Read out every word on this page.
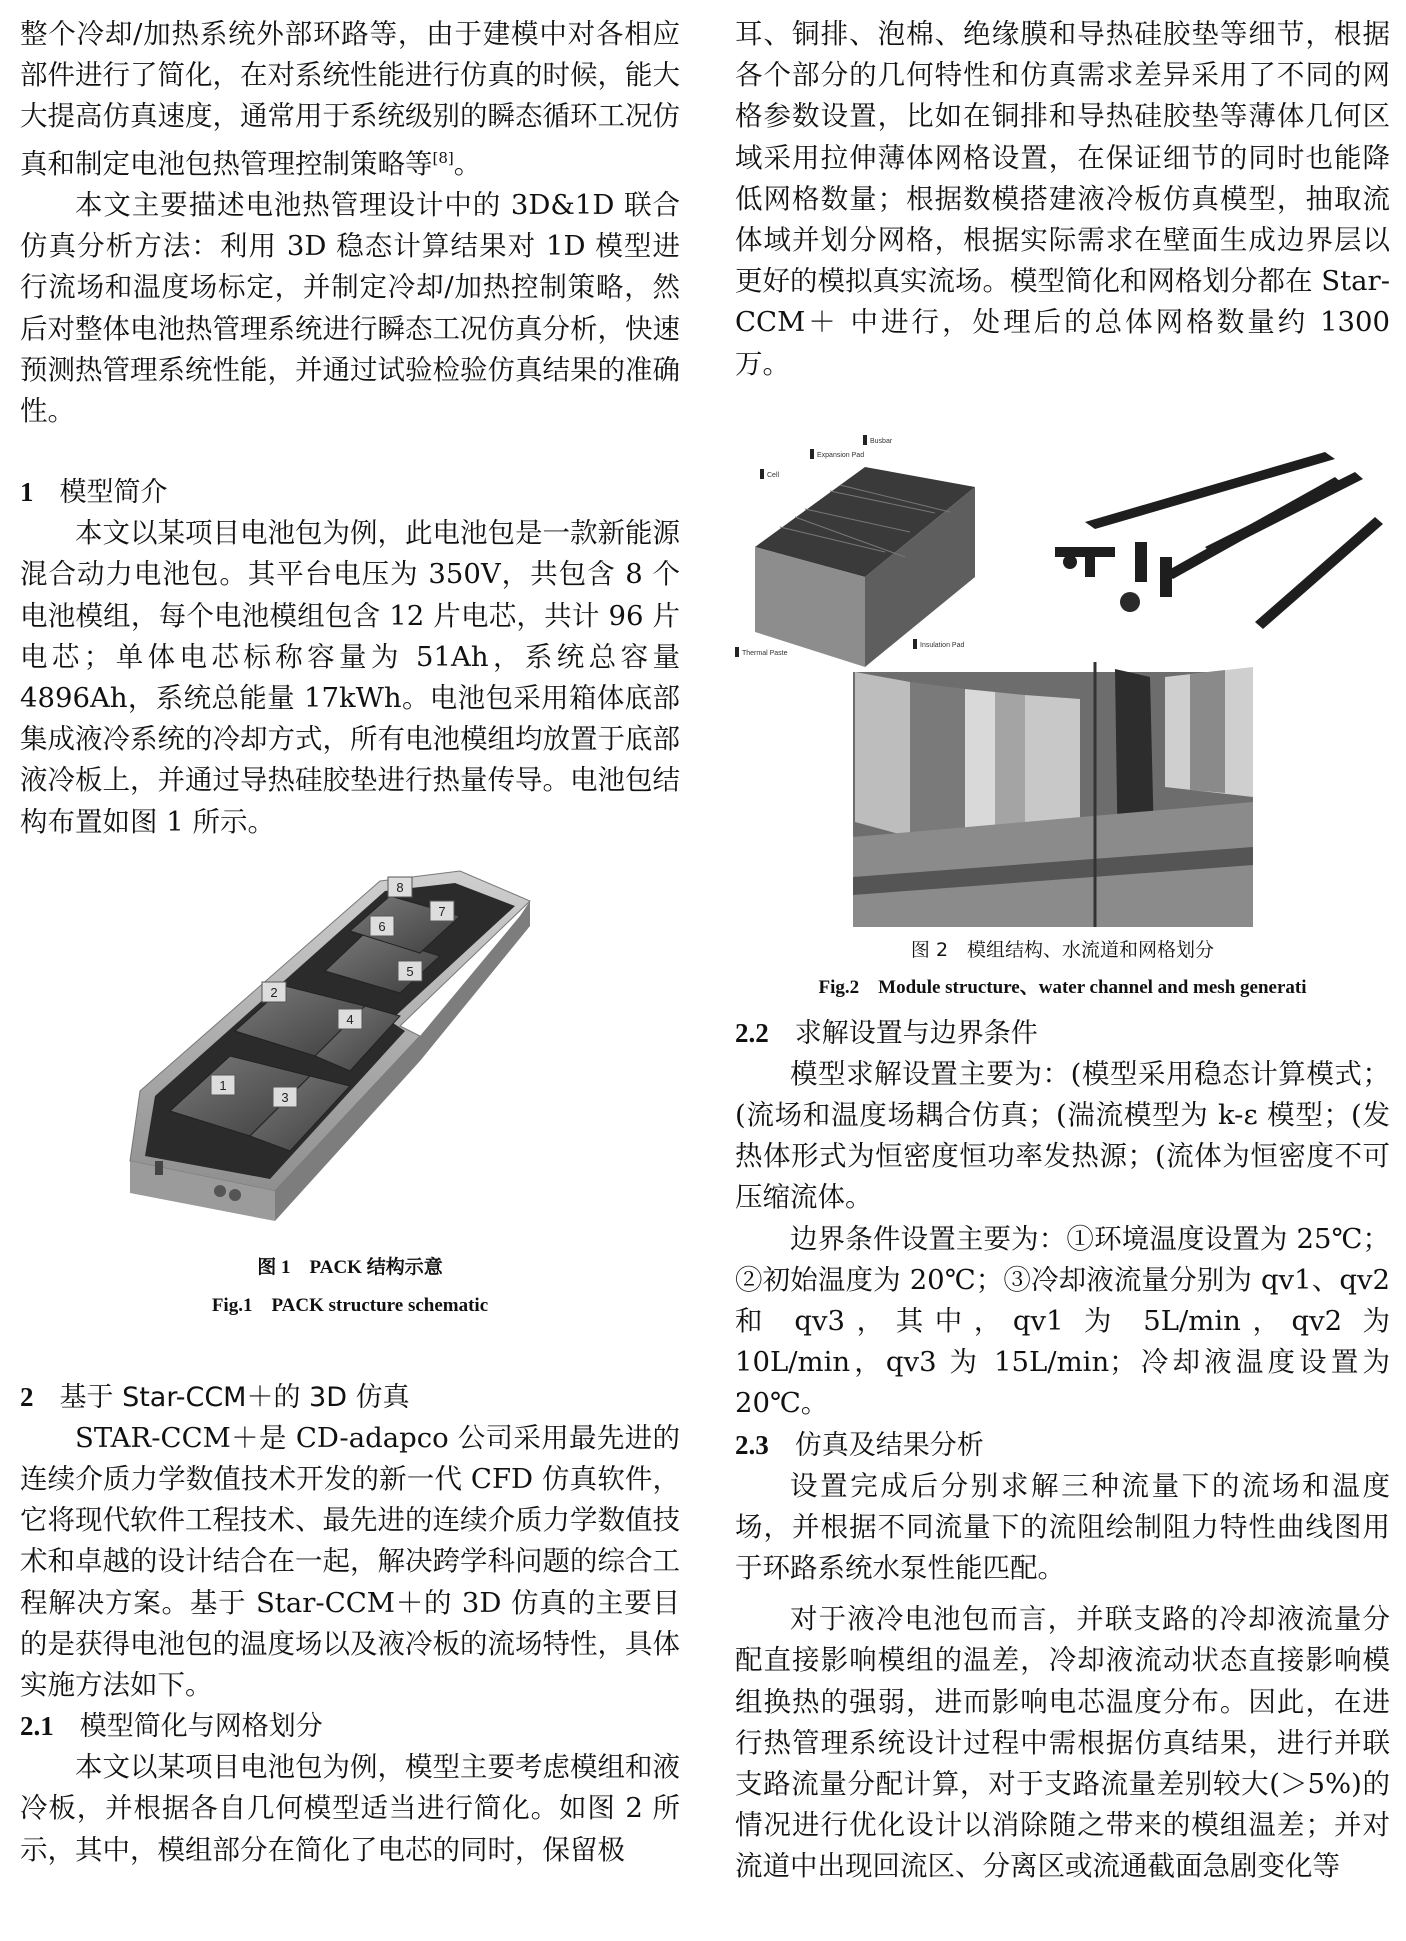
整个冷却/加热系统外部环路等，由于建模中对各相应部件进行了简化，在对系统性能进行仿真的时候，能大大提高仿真速度，通常用于系统级别的瞬态循环工况仿真和制定电池包热管理控制策略等[8]。

本文主要描述电池热管理设计中的 3D&1D 联合仿真分析方法：利用 3D 稳态计算结果对 1D 模型进行流场和温度场标定，并制定冷却/加热控制策略，然后对整体电池热管理系统进行瞬态工况仿真分析，快速预测热管理系统性能，并通过试验检验仿真结果的准确性。

1 模型简介

本文以某项目电池包为例，此电池包是一款新能源混合动力电池包。其平台电压为 350V，共包含 8 个电池模组，每个电池模组包含 12 片电芯，共计 96 片电芯；单体电芯标称容量为 51Ah，系统总容量 4896Ah，系统总能量 17kWh。电池包采用箱体底部集成液冷系统的冷却方式，所有电池模组均放置于底部液冷板上，并通过导热硅胶垫进行热量传导。电池包结构布置如图 1 所示。

1
2
3
4
5
6
7
8
图 1　PACK 结构示意
Fig.1　PACK structure schematic
2 基于 Star-CCM＋的 3D 仿真

STAR-CCM＋是 CD-adapco 公司采用最先进的连续介质力学数值技术开发的新一代 CFD 仿真软件，它将现代软件工程技术、最先进的连续介质力学数值技术和卓越的设计结合在一起，解决跨学科问题的综合工程解决方案。基于 Star-CCM＋的 3D 仿真的主要目的是获得电池包的温度场以及液冷板的流场特性，具体实施方法如下。

2.1 模型简化与网格划分

本文以某项目电池包为例，模型主要考虑模组和液冷板，并根据各自几何模型适当进行简化。如图 2 所示，其中，模组部分在简化了电芯的同时，保留极

耳、铜排、泡棉、绝缘膜和导热硅胶垫等细节，根据各个部分的几何特性和仿真需求差异采用了不同的网格参数设置，比如在铜排和导热硅胶垫等薄体几何区域采用拉伸薄体网格设置，在保证细节的同时也能降低网格数量；根据数模搭建液冷板仿真模型，抽取流体域并划分网格，根据实际需求在壁面生成边界层以更好的模拟真实流场。模型简化和网格划分都在 Star-CCM＋ 中进行，处理后的总体网格数量约 1300 万。

Busbar
Expansion Pad
Cell
Thermal Paste
Insulation Pad
图 2　模组结构、水流道和网格划分
Fig.2　Module structure、water channel and mesh generati
2.2 求解设置与边界条件

模型求解设置主要为：(模型采用稳态计算模式；(流场和温度场耦合仿真；(湍流模型为 k-ε 模型；(发热体形式为恒密度恒功率发热源；(流体为恒密度不可压缩流体。

边界条件设置主要为：①环境温度设置为 25℃；②初始温度为 20℃；③冷却液流量分别为 qv1、qv2 和 qv3，其中，qv1 为 5L/min，qv2 为 10L/min，qv3 为 15L/min；冷却液温度设置为 20℃。

2.3 仿真及结果分析

设置完成后分别求解三种流量下的流场和温度场，并根据不同流量下的流阻绘制阻力特性曲线图用于环路系统水泵性能匹配。

对于液冷电池包而言，并联支路的冷却液流量分配直接影响模组的温差，冷却液流动状态直接影响模组换热的强弱，进而影响电芯温度分布。因此，在进行热管理系统设计过程中需根据仿真结果，进行并联支路流量分配计算，对于支路流量差别较大(＞5%)的情况进行优化设计以消除随之带来的模组温差；并对流道中出现回流区、分离区或流通截面急剧变化等
